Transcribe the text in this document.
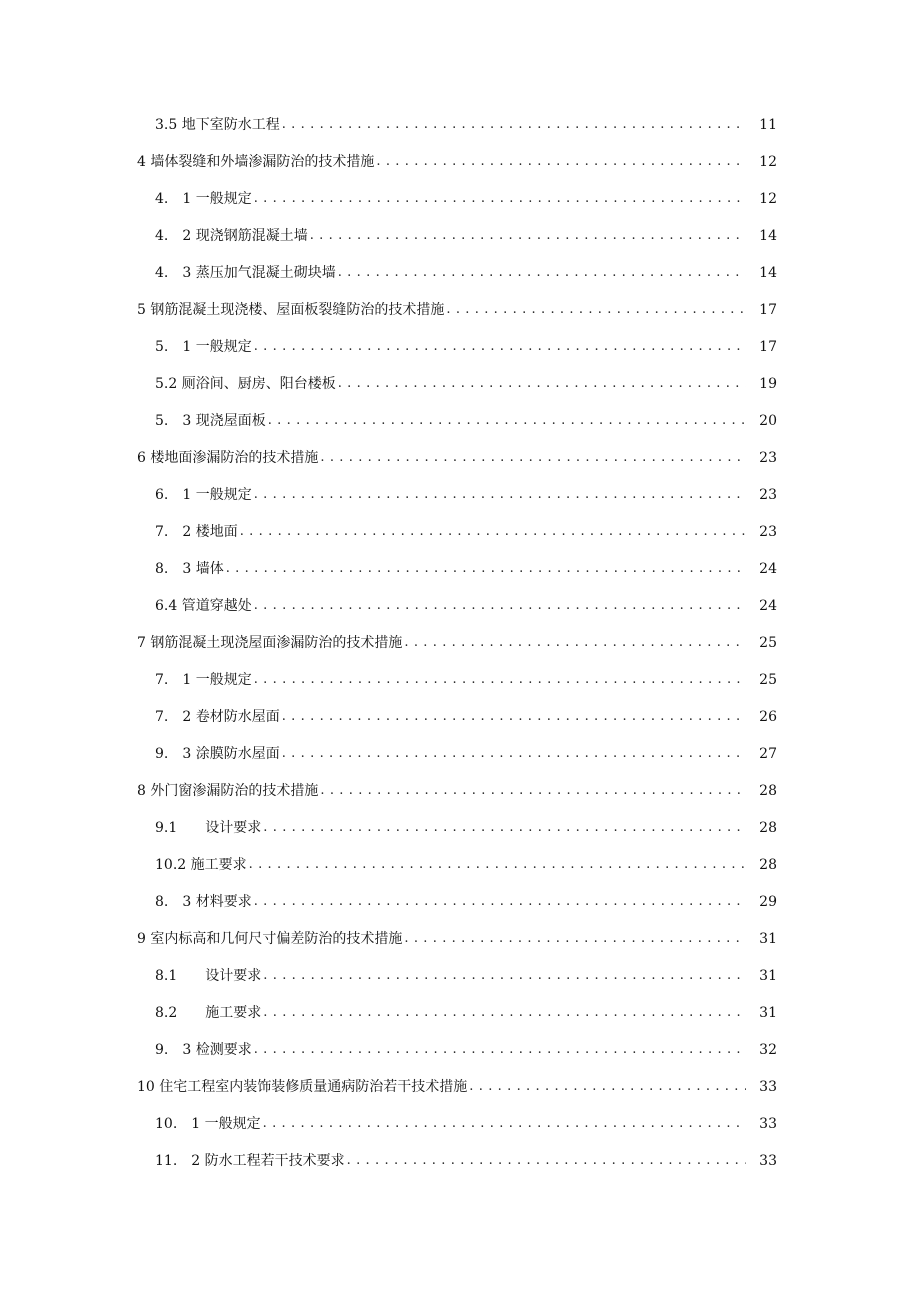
3.5 地下室防水工程 . . .	11
4 墙体裂缝和外墙渗漏防治的技术措施 . . .	12
4.　1 一般规定 . . .	12
4.　2 现浇钢筋混凝土墙 . . .	14
4.　3 蒸压加气混凝土砌块墙 . . .	14
5 钢筋混凝土现浇楼、屋面板裂缝防治的技术措施 . . .	17
5.　1 一般规定 . . .	17
5.2 厕浴间、厨房、阳台楼板 . . .	19
5.　3 现浇屋面板 . . .	20
6 楼地面渗漏防治的技术措施 . . .	23
6.　1 一般规定 . . .	23
7.　2 楼地面 . . .	23
8.　3 墙体 . . .	24
6.4 管道穿越处 . . .	24
7 钢筋混凝土现浇屋面渗漏防治的技术措施 . . .	25
7.　1 一般规定 . . .	25
7.　2 卷材防水屋面 . . .	26
9.　3 涂膜防水屋面 . . .	27
8 外门窗渗漏防治的技术措施 . . .	28
9.1　　设计要求 . . .	28
10.2 施工要求 . . .	28
8.　3 材料要求 . . .	29
9 室内标高和几何尺寸偏差防治的技术措施 . . .	31
8.1　　设计要求 . . .	31
8.2　　施工要求 . . .	31
9.　3 检测要求 . . .	32
10 住宅工程室内装饰装修质量通病防治若干技术措施 . . .	33
10.　1 一般规定 . . .	33
11.　2 防水工程若干技术要求 . . .	33
